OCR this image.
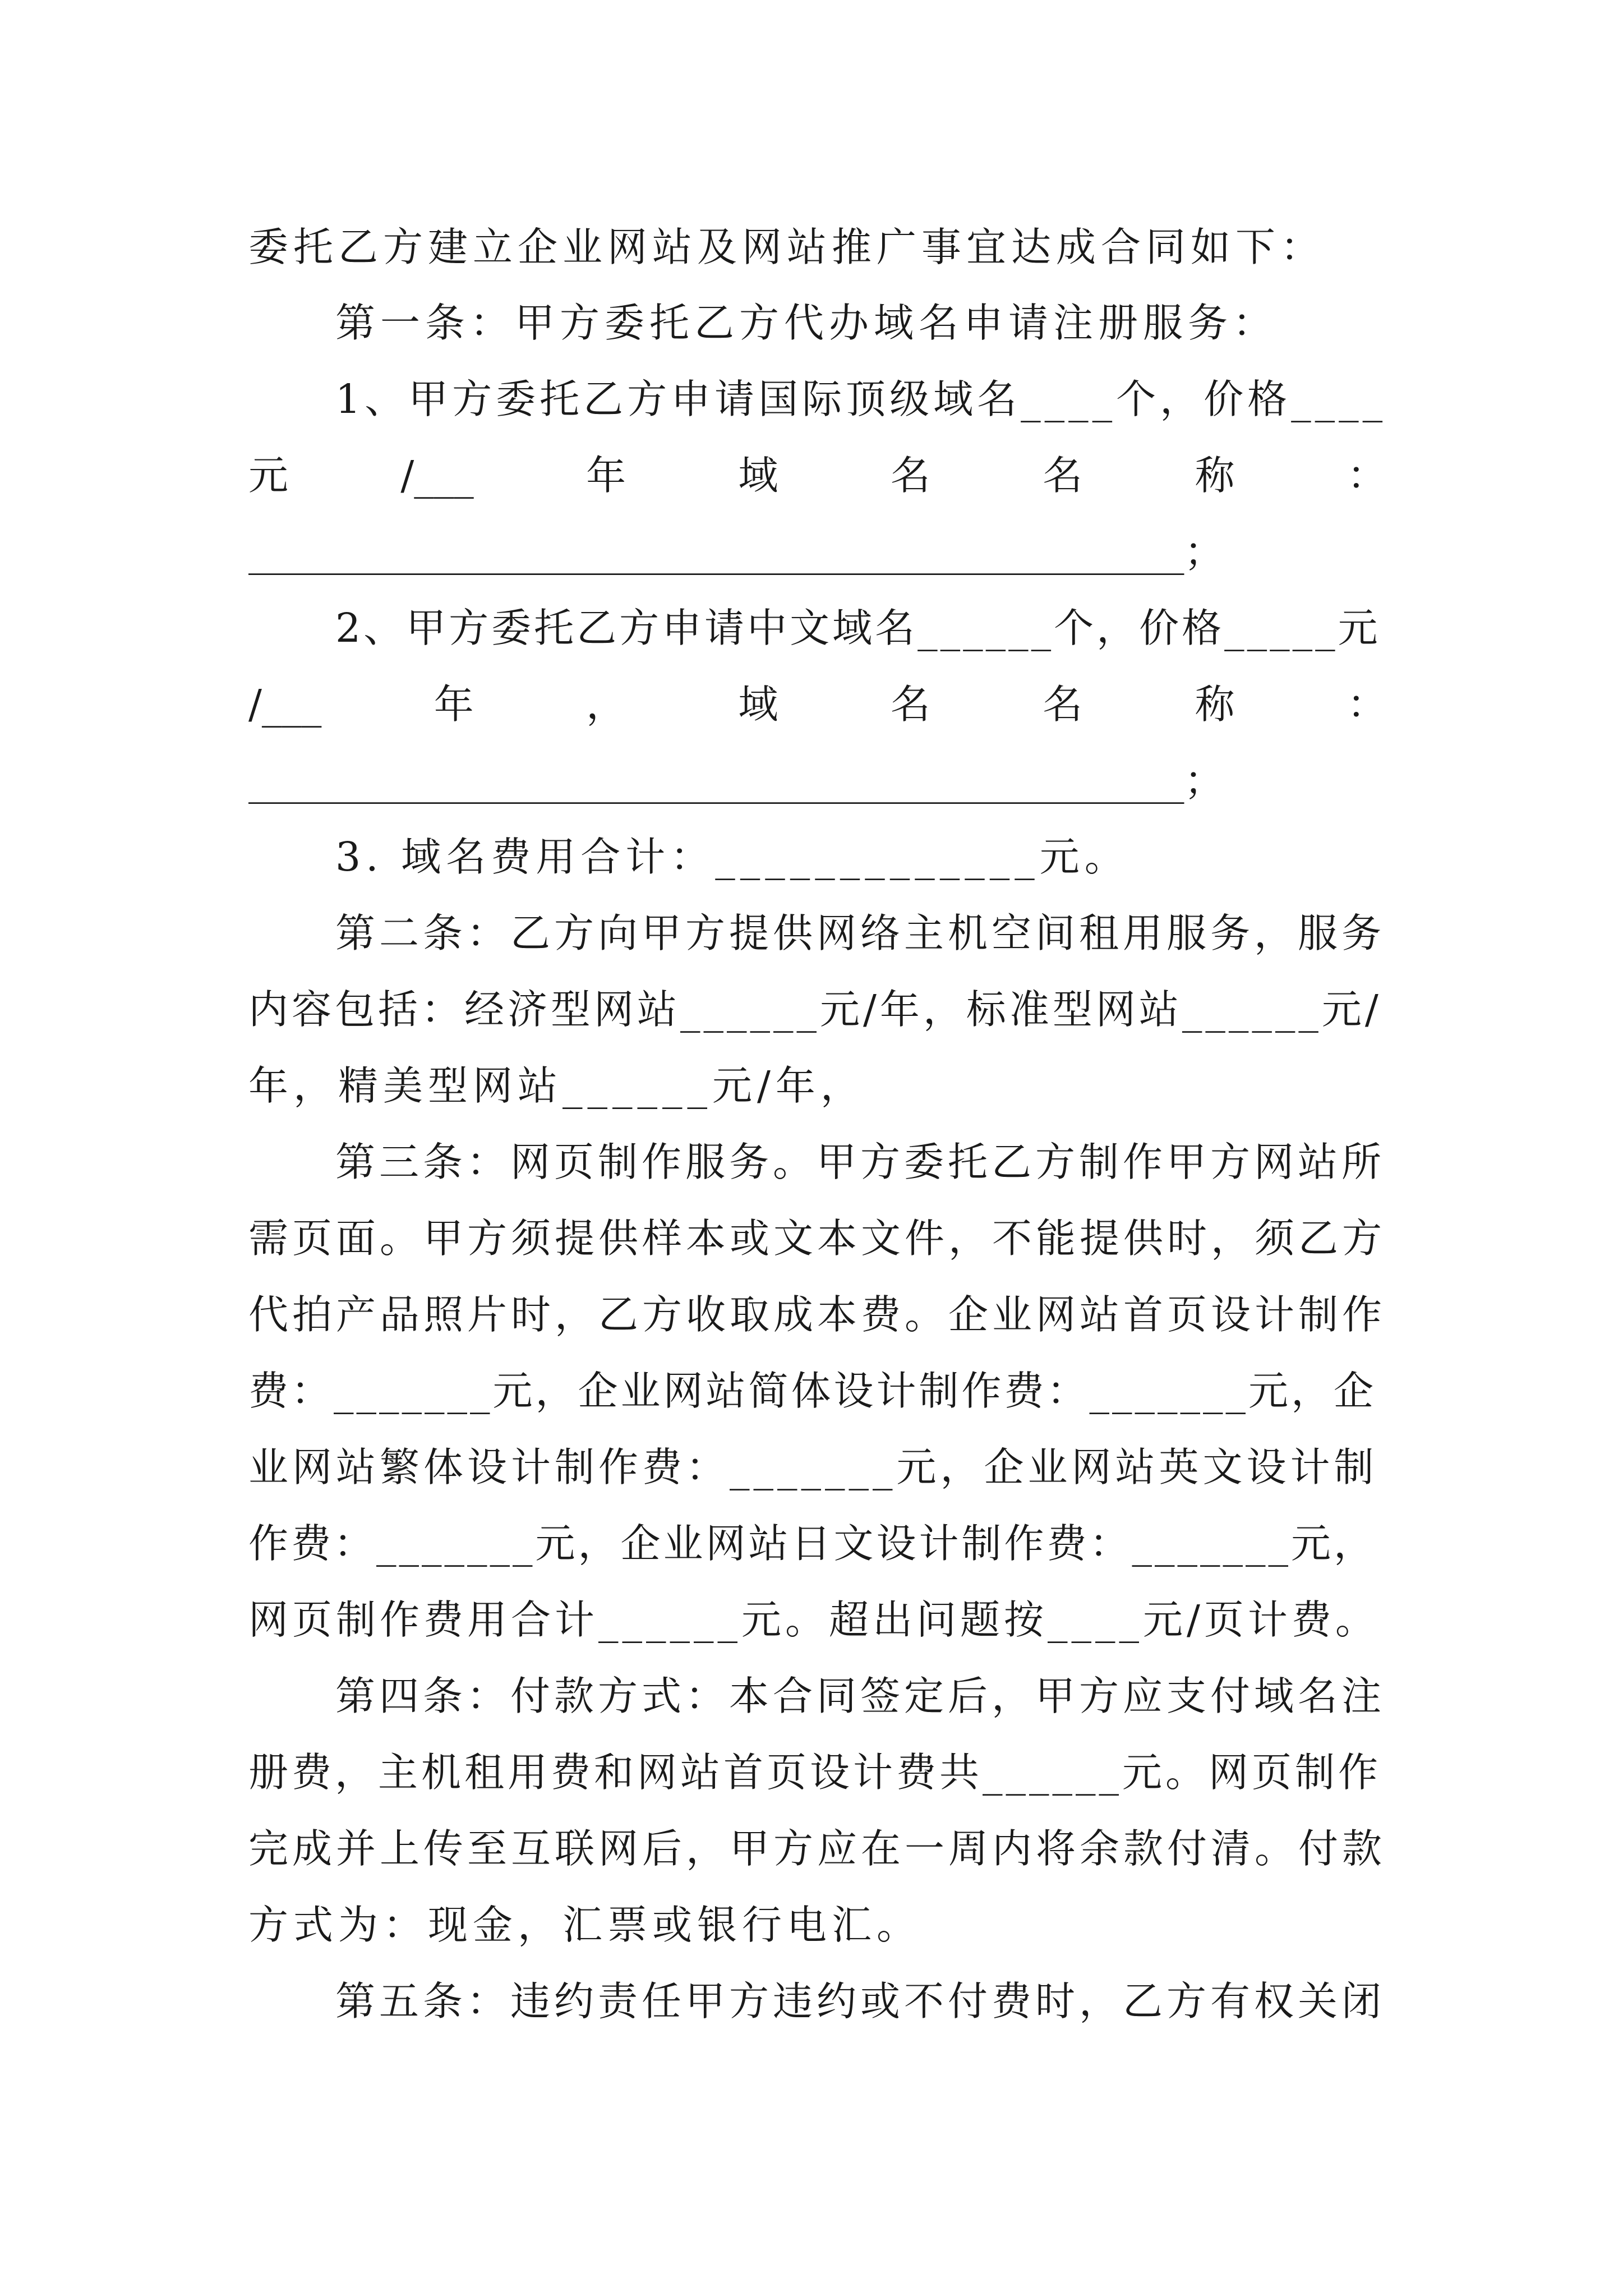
委托乙方建立企业网站及网站推广事宜达成合同如下：
第一条：甲方委托乙方代办域名申请注册服务：
1、甲方委托乙方申请国际顶级域名____个，价格____
元	/___	年	域	名	名	称	：
_______________________________________________；
2、甲方委托乙方申请中文域名______个，价格_____元
/___	年	，	域	名	名	称	：
_______________________________________________；
3. 域名费用合计：_____________元。
第二条：乙方向甲方提供网络主机空间租用服务，服务
内容包括：经济型网站______元/年，标准型网站______元/
年，精美型网站______元/年，
第三条：网页制作服务。甲方委托乙方制作甲方网站所
需页面。甲方须提供样本或文本文件，不能提供时，须乙方
代拍产品照片时，乙方收取成本费。企业网站首页设计制作
费：_______元，企业网站简体设计制作费：_______元，企
业网站繁体设计制作费：_______元，企业网站英文设计制
作费：_______元，企业网站日文设计制作费：_______元，
网页制作费用合计______元。超出问题按____元/页计费。
第四条：付款方式：本合同签定后，甲方应支付域名注
册费，主机租用费和网站首页设计费共______元。网页制作
完成并上传至互联网后，甲方应在一周内将余款付清。付款
方式为：现金，汇票或银行电汇。
第五条：违约责任甲方违约或不付费时，乙方有权关闭
